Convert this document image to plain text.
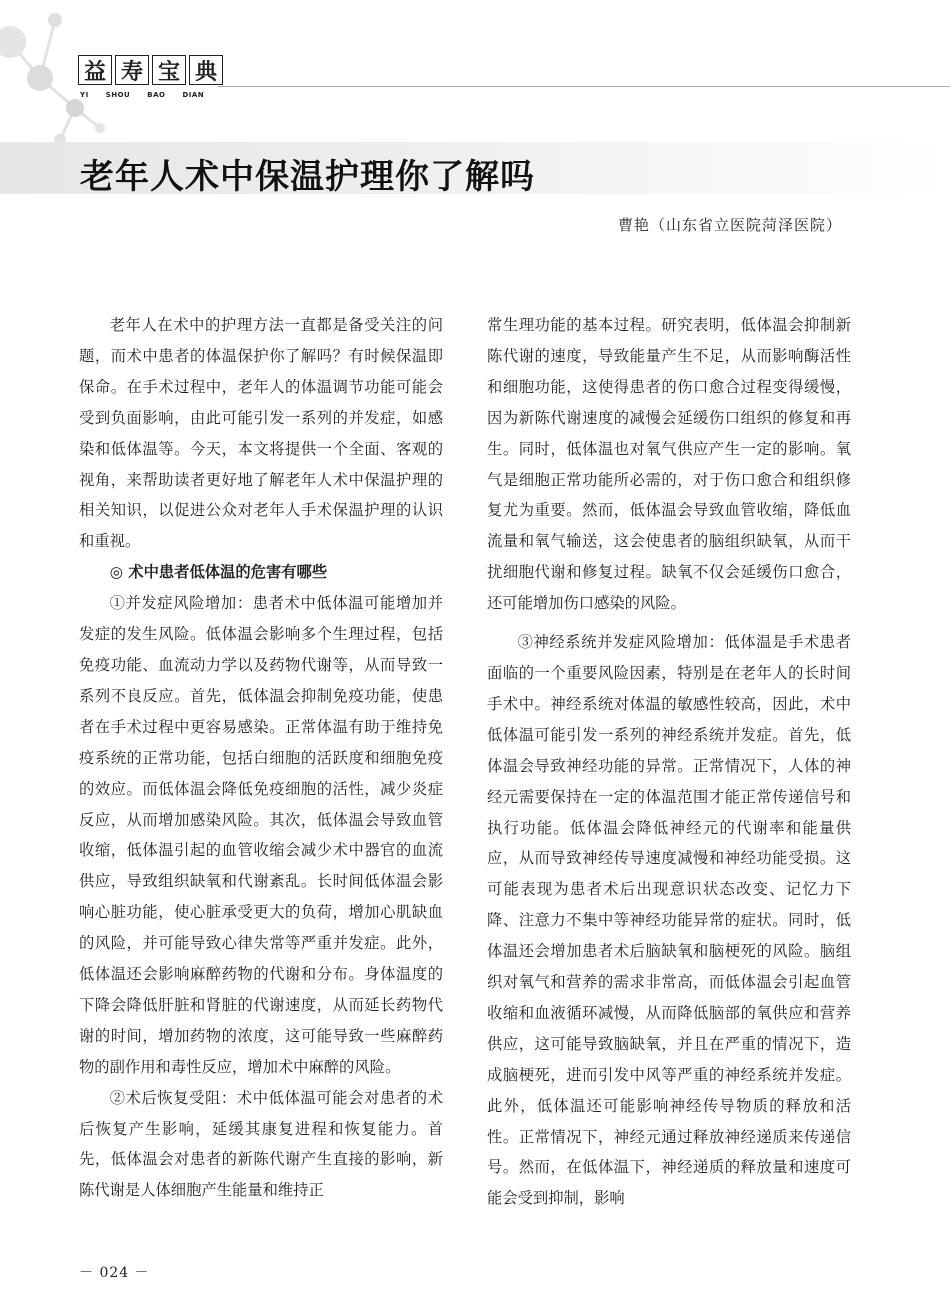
益 寿 宝 典
YI SHOU BAO DIAN
老年人术中保温护理你了解吗
曹艳（山东省立医院菏泽医院）

老年人在术中的护理方法一直都是备受关注的问题，而术中患者的体温保护你了解吗？有时候保温即保命。在手术过程中，老年人的体温调节功能可能会受到负面影响，由此可能引发一系列的并发症，如感染和低体温等。今天，本文将提供一个全面、客观的视角，来帮助读者更好地了解老年人术中保温护理的相关知识，以促进公众对老年人手术保温护理的认识和重视。

◎ 术中患者低体温的危害有哪些

①并发症风险增加：患者术中低体温可能增加并发症的发生风险。低体温会影响多个生理过程，包括免疫功能、血流动力学以及药物代谢等，从而导致一系列不良反应。首先，低体温会抑制免疫功能，使患者在手术过程中更容易感染。正常体温有助于维持免疫系统的正常功能，包括白细胞的活跃度和细胞免疫的效应。而低体温会降低免疫细胞的活性，减少炎症反应，从而增加感染风险。其次，低体温会导致血管收缩，低体温引起的血管收缩会减少术中器官的血流供应，导致组织缺氧和代谢紊乱。长时间低体温会影响心脏功能，使心脏承受更大的负荷，增加心肌缺血的风险，并可能导致心律失常等严重并发症。此外，低体温还会影响麻醉药物的代谢和分布。身体温度的下降会降低肝脏和肾脏的代谢速度，从而延长药物代谢的时间，增加药物的浓度，这可能导致一些麻醉药物的副作用和毒性反应，增加术中麻醉的风险。

②术后恢复受阻：术中低体温可能会对患者的术后恢复产生影响，延缓其康复进程和恢复能力。首先，低体温会对患者的新陈代谢产生直接的影响，新陈代谢是人体细胞产生能量和维持正

常生理功能的基本过程。研究表明，低体温会抑制新陈代谢的速度，导致能量产生不足，从而影响酶活性和细胞功能，这使得患者的伤口愈合过程变得缓慢，因为新陈代谢速度的减慢会延缓伤口组织的修复和再生。同时，低体温也对氧气供应产生一定的影响。氧气是细胞正常功能所必需的，对于伤口愈合和组织修复尤为重要。然而，低体温会导致血管收缩，降低血流量和氧气输送，这会使患者的脑组织缺氧，从而干扰细胞代谢和修复过程。缺氧不仅会延缓伤口愈合，还可能增加伤口感染的风险。

③神经系统并发症风险增加：低体温是手术患者面临的一个重要风险因素，特别是在老年人的长时间手术中。神经系统对体温的敏感性较高，因此，术中低体温可能引发一系列的神经系统并发症。首先，低体温会导致神经功能的异常。正常情况下，人体的神经元需要保持在一定的体温范围才能正常传递信号和执行功能。低体温会降低神经元的代谢率和能量供应，从而导致神经传导速度减慢和神经功能受损。这可能表现为患者术后出现意识状态改变、记忆力下降、注意力不集中等神经功能异常的症状。同时，低体温还会增加患者术后脑缺氧和脑梗死的风险。脑组织对氧气和营养的需求非常高，而低体温会引起血管收缩和血液循环减慢，从而降低脑部的氧供应和营养供应，这可能导致脑缺氧，并且在严重的情况下，造成脑梗死，进而引发中风等严重的神经系统并发症。此外，低体温还可能影响神经传导物质的释放和活性。正常情况下，神经元通过释放神经递质来传递信号。然而，在低体温下，神经递质的释放量和速度可能会受到抑制，影响

－ 024 －
